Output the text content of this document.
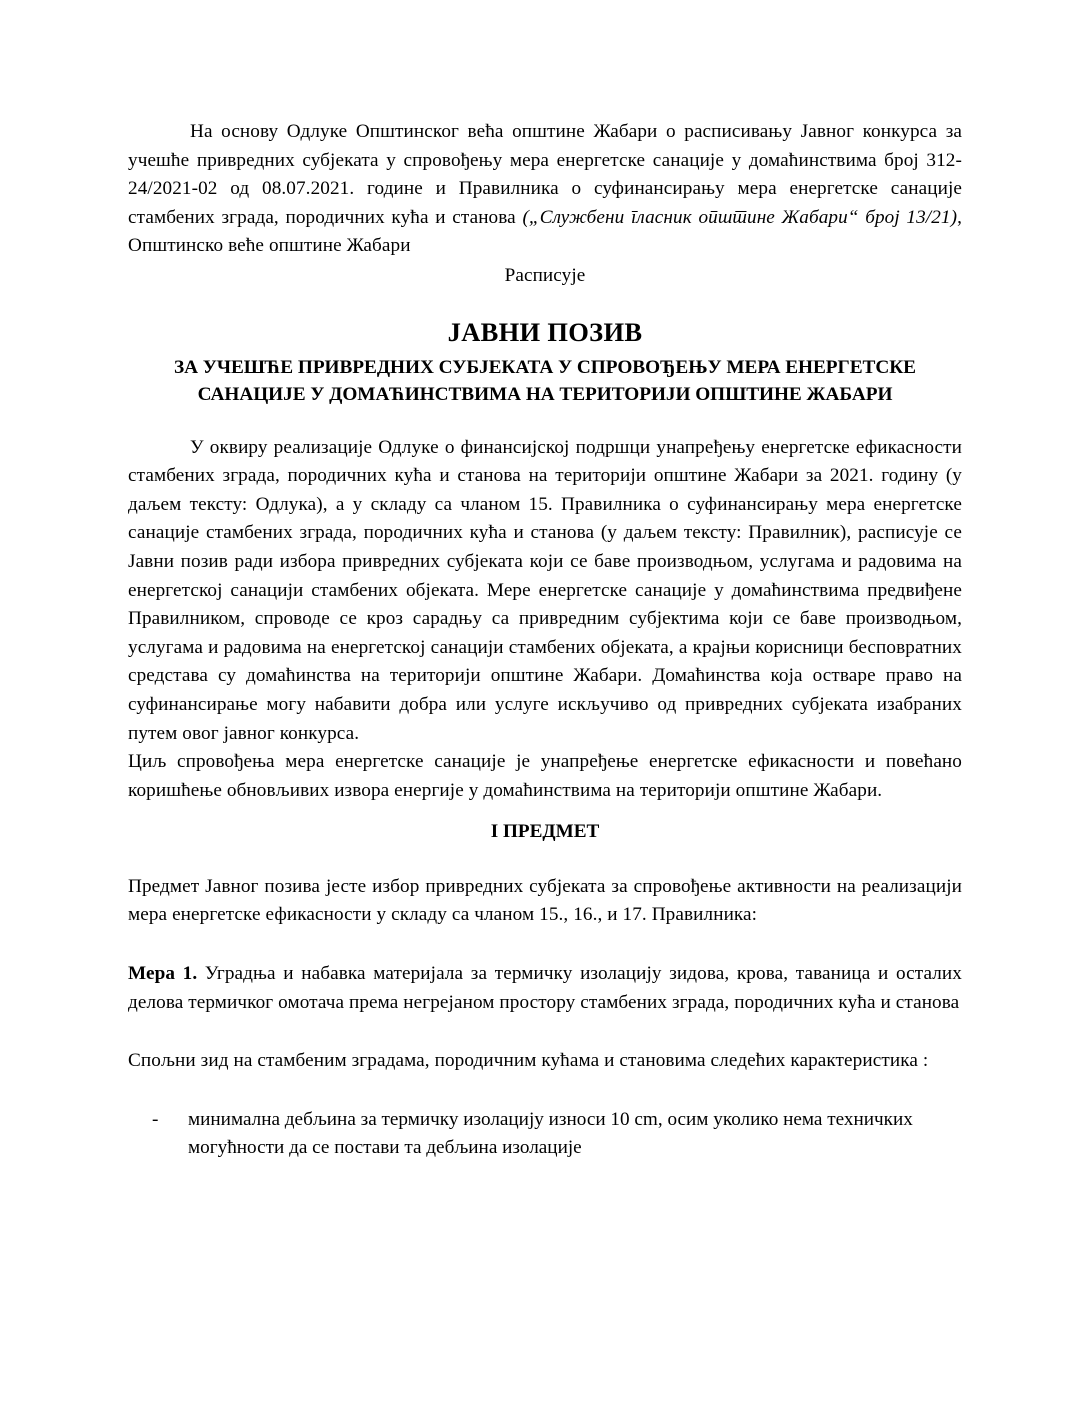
На основу Одлуке Општинског већа општине Жабари о расписивању Јавног конкурса за учешће привредних субјеката у спровођењу мера енергетске санације у домаћинствима број 312-24/2021-02 од 08.07.2021. године и Правилника о суфинансирању мера енергетске санације стамбених зграда, породичних кућа и станова („Службени гласник општине Жабари“ број 13/21), Општинско веће општине Жабари

Расписује

ЈАВНИ ПОЗИВ
ЗА УЧЕШЋЕ ПРИВРЕДНИХ СУБЈЕКАТА У СПРОВОЂЕЊУ МЕРА ЕНЕРГЕТСКЕ
САНАЦИЈЕ У ДОМАЋИНСТВИМА НА ТЕРИТОРИЈИ ОПШТИНЕ ЖАБАРИ

У оквиру реализације Одлуке о финансијској подршци унапређењу енергетске ефикасности стамбених зграда, породичних кућа и станова на територији општине Жабари за 2021. годину (у даљем тексту: Одлука), а у складу са чланом 15. Правилника о суфинансирању мера енергетске санације стамбених зграда, породичних кућа и станова (у даљем тексту: Правилник), расписује се Јавни позив ради избора привредних субјеката који се баве производњом, услугама и радовима на енергетској санацији стамбених објеката. Мере енергетске санације у домаћинствима предвиђене Правилником, спроводе се кроз сарадњу са привредним субјектима који се баве производњом, услугама и радовима на енергетској санацији стамбених објеката, а крајњи корисници бесповратних средстава су домаћинства на територији општине Жабари. Домаћинства која остваре право на суфинансирање могу набавити добра или услуге искључиво од привредних субјеката изабраних путем овог јавног конкурса.

Циљ спровођења мера енергетске санације је унапређење енергетске ефикасности и повећано коришћење обновљивих извора енергије у домаћинствима на територији општине Жабари.

I ПРЕДМЕТ

Предмет Јавног позива јесте избор привредних субјеката за спровођење активности на реализацији мера енергетске ефикасности у складу са чланом 15., 16., и 17. Правилника:

Мера 1. Уградња и набавка материјала за термичку изолацију зидова, крова, таваница и осталих делова термичког омотача према негрејаном простору стамбених зграда, породичних кућа и станова

Спољни зид на стамбеним зградама, породичним кућама и становима следећих карактеристика :

- минимална дебљина за термичку изолацију износи 10 cm, осим уколико нема техничких могућности да се постави та дебљина изолације
